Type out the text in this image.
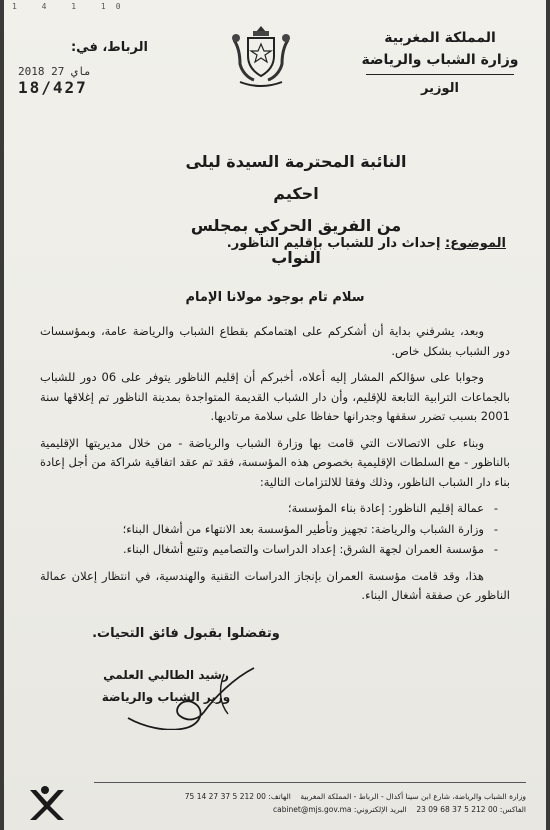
1 4 1 10
المملكة المغربية
وزارة الشباب والرياضة
الوزير
الرباط، في:
2018 ماي 27
18/427
النائبة المحترمة السيدة ليلى احكيم
من الفريق الحركي بمجلس النواب
الموضوع: إحداث دار للشباب بإقليم الناظور.
سلام تام بوجود مولانا الإمام

وبعد، يشرفني بداية أن أشكركم على اهتمامكم بقطاع الشباب والرياضة عامة، وبمؤسسات دور الشباب بشكل خاص.

وجوابا على سؤالكم المشار إليه أعلاه، أخبركم أن إقليم الناظور يتوفر على 06 دور للشباب بالجماعات الترابية التابعة للإقليم، وأن دار الشباب القديمة المتواجدة بمدينة الناظور تم إغلاقها سنة 2001 بسبب تضرر سقفها وجدرانها حفاظا على سلامة مرتاديها.

وبناء على الاتصالات التي قامت بها وزارة الشباب والرياضة - من خلال مديريتها الإقليمية بالناظور - مع السلطات الإقليمية بخصوص هذه المؤسسة، فقد تم عقد اتفاقية شراكة من أجل إعادة بناء دار الشباب الناظور، وذلك وفقا للالتزامات التالية:

- عمالة إقليم الناظور: إعادة بناء المؤسسة؛
- وزارة الشباب والرياضة: تجهيز وتأطير المؤسسة بعد الانتهاء من أشغال البناء؛
- مؤسسة العمران لجهة الشرق: إعداد الدراسات والتصاميم وتتبع أشغال البناء.

هذا، وقد قامت مؤسسة العمران بإنجاز الدراسات التقنية والهندسية، في انتظار إعلان عمالة الناظور عن صفقة أشغال البناء.

وتفضلوا بقبول فائق التحيات.
رشيد الطالبي العلمي
وزير الشباب والرياضة
وزارة الشباب والرياضة، شارع ابن سينا أكدال - الرباط - المملكة المغربية    الهاتف: 00 212 5 37 27 14 75
الفاكس: 00 212 5 37 68 09 23    البريد الإلكتروني: cabinet@mjs.gov.ma
